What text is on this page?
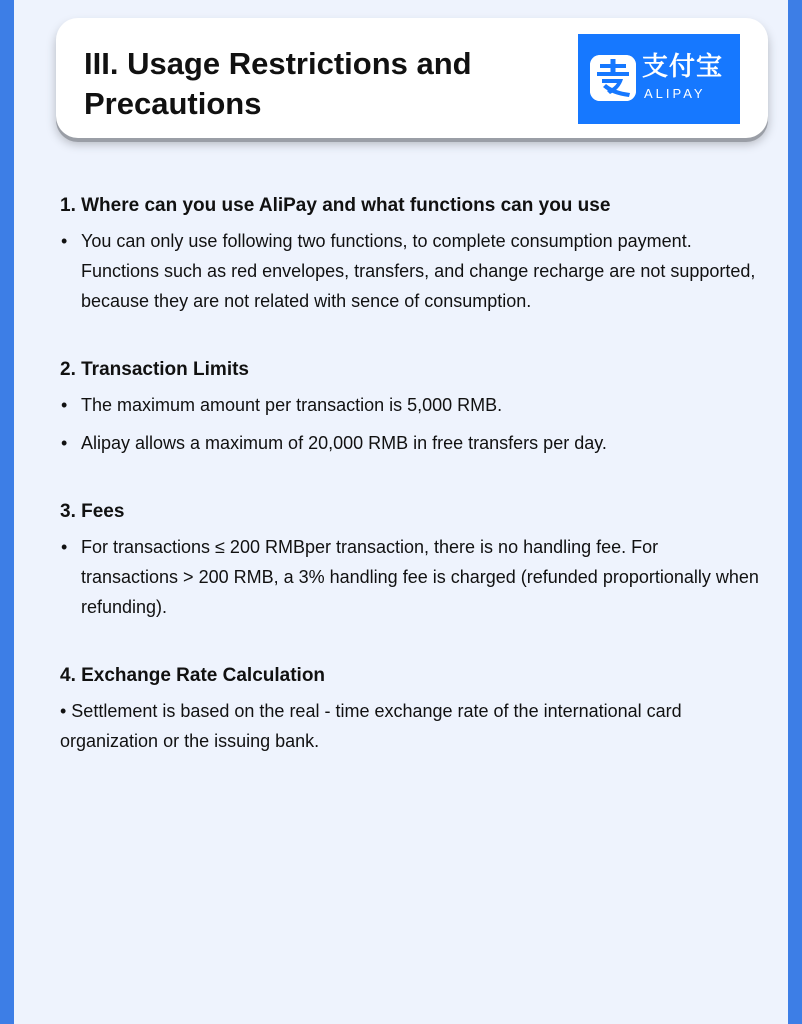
III. Usage Restrictions and Precautions
支付宝
ALIPAY
1. Where can you use AliPay and what functions can you use
• You can only use following two functions, to complete consumption payment. Functions such as red envelopes, transfers, and change recharge are not supported, because they are not related with sence of consumption.
2. Transaction Limits
• The maximum amount per transaction is 5,000 RMB.
• Alipay allows a maximum of 20,000 RMB in free transfers per day.
3. Fees
• For transactions ≤ 200 RMBper transaction, there is no handling fee. For transactions > 200 RMB, a 3% handling fee is charged (refunded proportionally when refunding).
4. Exchange Rate Calculation

• Settlement is based on the real - time exchange rate of the international card organization or the issuing bank.
